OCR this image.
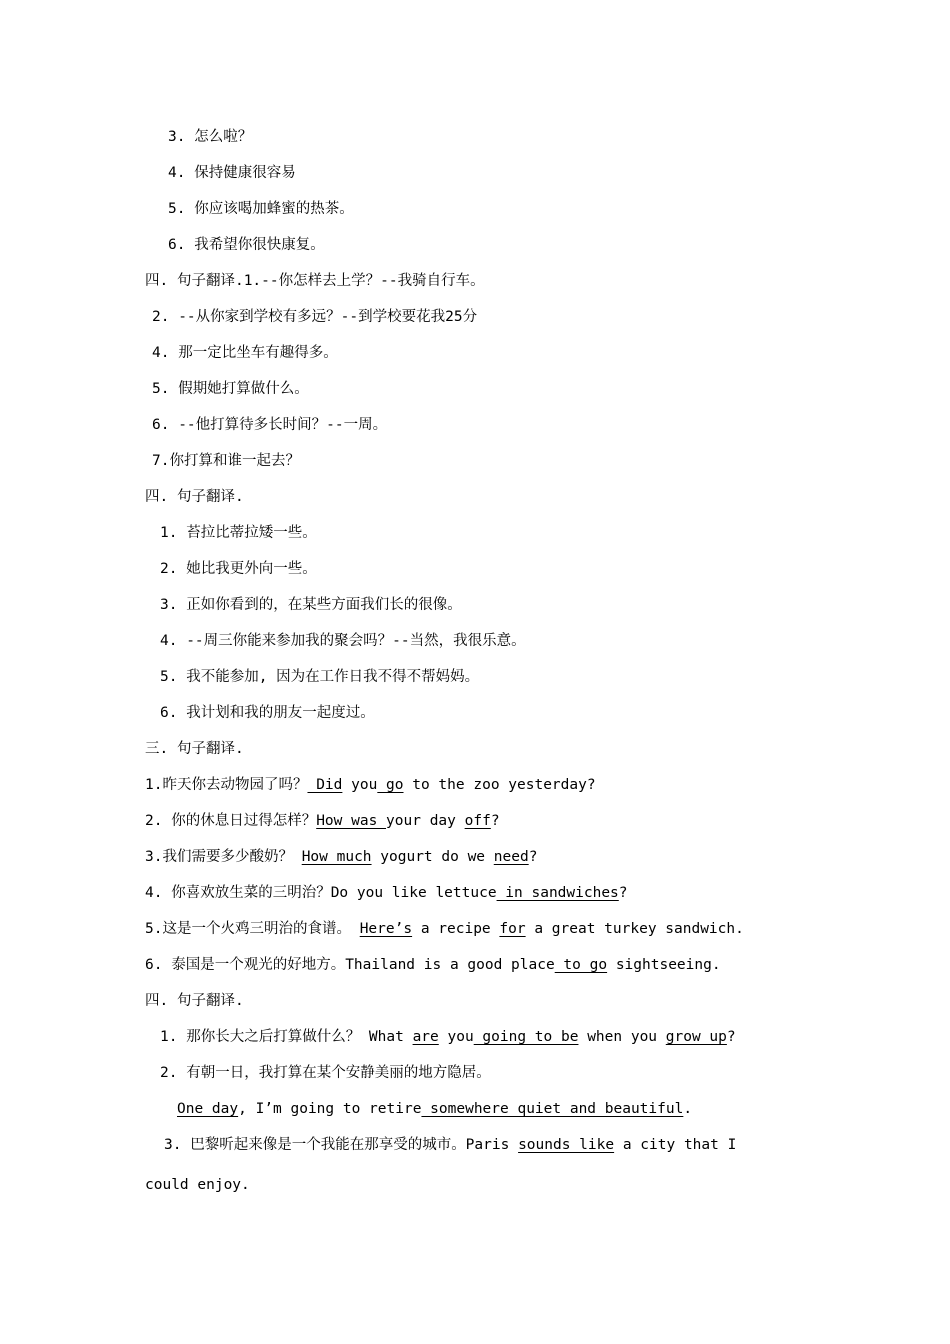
3. 怎么啦？
4. 保持健康很容易
5. 你应该喝加蜂蜜的热茶。
6. 我希望你很快康复。
四. 句子翻译.1.--你怎样去上学？--我骑自行车。
2. --从你家到学校有多远？--到学校要花我25分
4. 那一定比坐车有趣得多。
5. 假期她打算做什么。
6. --他打算待多长时间？--一周。
7.你打算和谁一起去？
四. 句子翻译.
1. 苔拉比蒂拉矮一些。
2. 她比我更外向一些。
3. 正如你看到的，在某些方面我们长的很像。
4. --周三你能来参加我的聚会吗？--当然，我很乐意。
5. 我不能参加, 因为在工作日我不得不帮妈妈。
6. 我计划和我的朋友一起度过。
三. 句子翻译.
1.昨天你去动物园了吗？ Did you go to the zoo yesterday?
2. 你的休息日过得怎样？How was your day off?
3.我们需要多少酸奶？ How much yogurt do we need?
4. 你喜欢放生菜的三明治？Do you like lettuce in sandwiches?
5.这是一个火鸡三明治的食谱。 Here’s a recipe for a great turkey sandwich.
6. 泰国是一个观光的好地方。Thailand is a good place to go sightseeing.
四. 句子翻译.
1. 那你长大之后打算做什么？ What are you going to be when you grow up?
2. 有朝一日，我打算在某个安静美丽的地方隐居。
One day, I’m going to retire somewhere quiet and beautiful.
3. 巴黎听起来像是一个我能在那享受的城市。Paris sounds like a city that I
could enjoy.
